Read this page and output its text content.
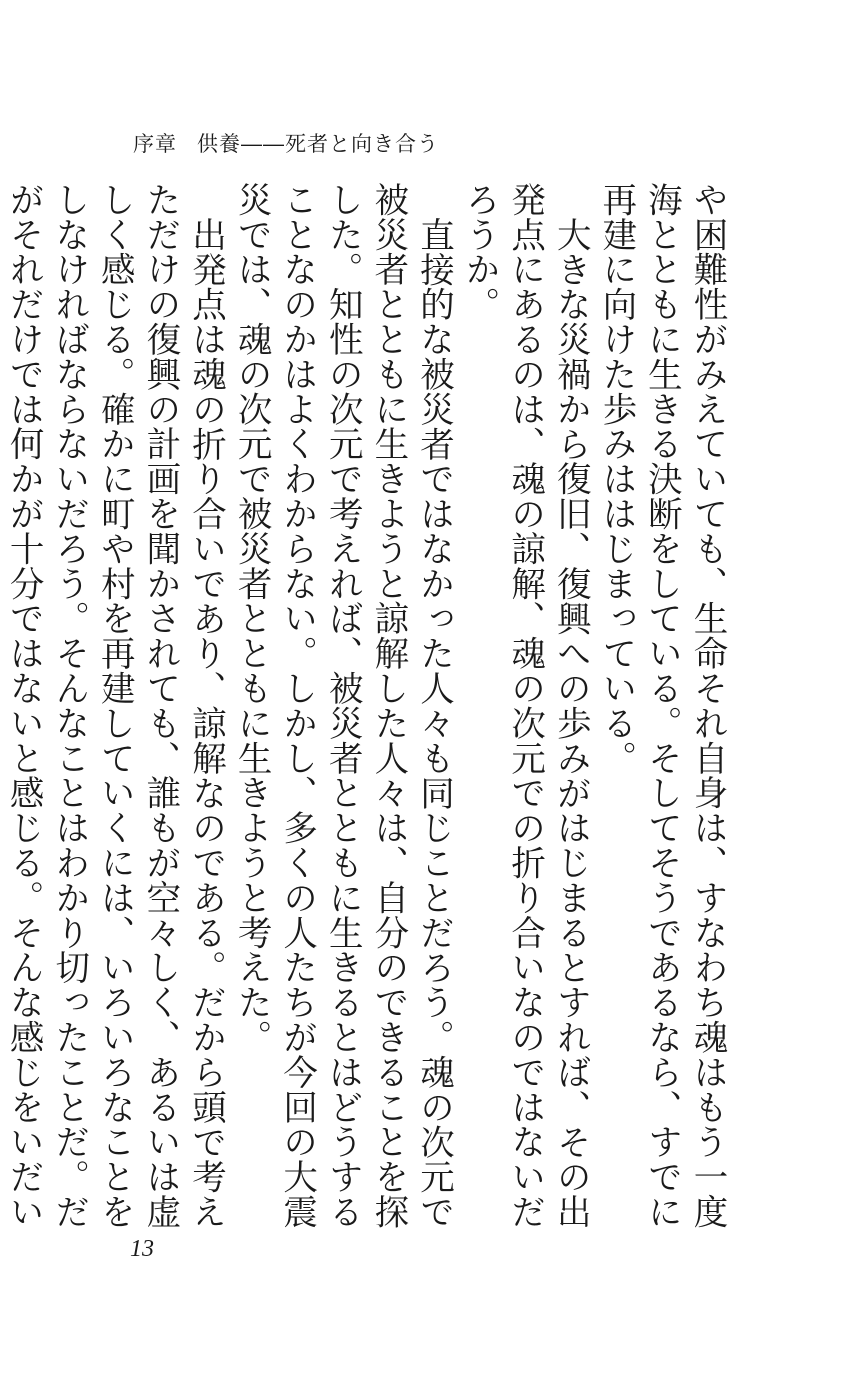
序章 供養――死者と向き合う

や困難性がみえていても、生命それ自身は、すなわち魂はもう一度海とともに生きる決断をしている。そしてそうであるなら、すでに再建に向けた歩みははじまっている。

大きな災禍から復旧、復興への歩みがはじまるとすれば、その出発点にあるのは、魂の諒解、魂の次元での折り合いなのではないだろうか。

直接的な被災者ではなかった人々も同じことだろう。魂の次元で被災者とともに生きようと諒解した人々は、自分のできることを探した。知性の次元で考えれば、被災者とともに生きるとはどうすることなのかはよくわからない。しかし、多くの人たちが今回の大震災では、魂の次元で被災者とともに生きようと考えた。

出発点は魂の折り合いであり、諒解なのである。だから頭で考えただけの復興の計画を聞かされても、誰もが空々しく、あるいは虚しく感じる。確かに町や村を再建していくには、いろいろなことをしなければならないだろう。そんなことはわかり切ったことだ。だがそれだけでは何かが十分ではないと感じる。そんな感じをいだい

13
